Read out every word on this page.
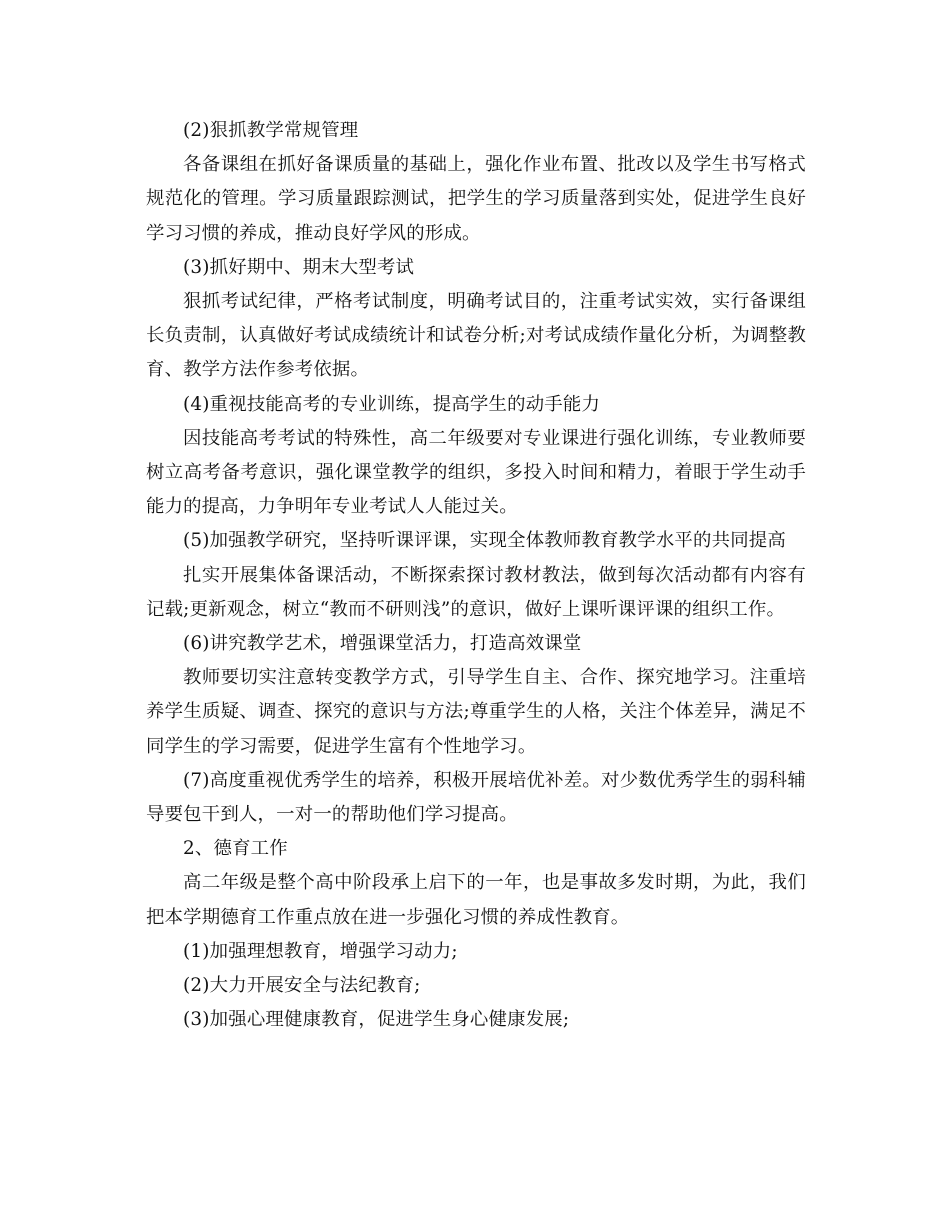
(2)狠抓教学常规管理

各备课组在抓好备课质量的基础上，强化作业布置、批改以及学生书写格式规范化的管理。学习质量跟踪测试，把学生的学习质量落到实处，促进学生良好学习习惯的养成，推动良好学风的形成。

(3)抓好期中、期末大型考试

狠抓考试纪律，严格考试制度，明确考试目的，注重考试实效，实行备课组长负责制，认真做好考试成绩统计和试卷分析;对考试成绩作量化分析，为调整教育、教学方法作参考依据。

(4)重视技能高考的专业训练，提高学生的动手能力

因技能高考考试的特殊性，高二年级要对专业课进行强化训练，专业教师要树立高考备考意识，强化课堂教学的组织，多投入时间和精力，着眼于学生动手能力的提高，力争明年专业考试人人能过关。

(5)加强教学研究，坚持听课评课，实现全体教师教育教学水平的共同提高

扎实开展集体备课活动，不断探索探讨教材教法，做到每次活动都有内容有记载;更新观念，树立“教而不研则浅”的意识，做好上课听课评课的组织工作。

(6)讲究教学艺术，增强课堂活力，打造高效课堂

教师要切实注意转变教学方式，引导学生自主、合作、探究地学习。注重培养学生质疑、调查、探究的意识与方法;尊重学生的人格，关注个体差异，满足不同学生的学习需要，促进学生富有个性地学习。

(7)高度重视优秀学生的培养，积极开展培优补差。对少数优秀学生的弱科辅导要包干到人，一对一的帮助他们学习提高。

2、德育工作

高二年级是整个高中阶段承上启下的一年，也是事故多发时期，为此，我们把本学期德育工作重点放在进一步强化习惯的养成性教育。

(1)加强理想教育，增强学习动力;

(2)大力开展安全与法纪教育;

(3)加强心理健康教育，促进学生身心健康发展;
